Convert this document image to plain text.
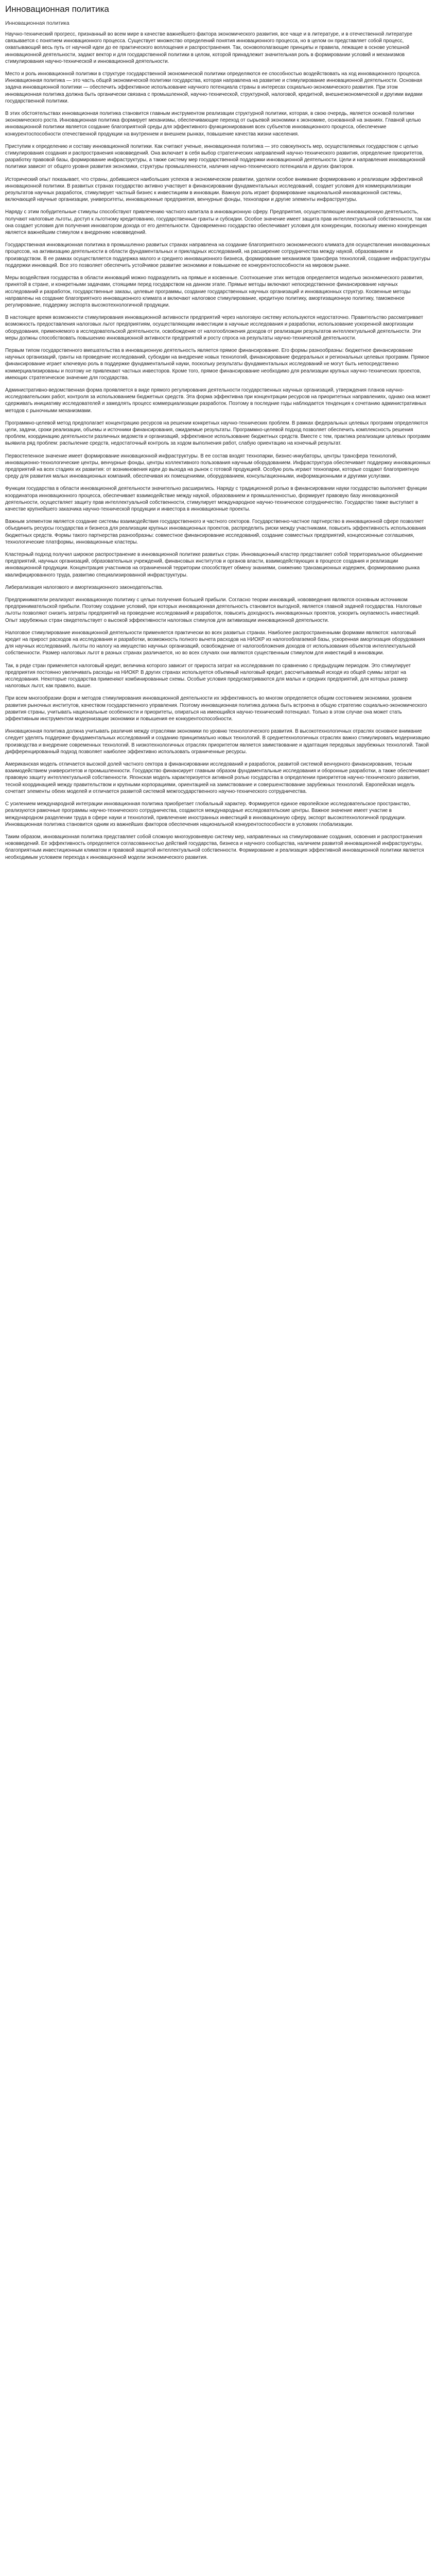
Инновационная политика
Инновационная политика

Научно-технический прогресс, признанный во всем мире в качестве важнейшего фактора экономического развития, все чаще и в литературе, и в отечественной литературе связывается с понятием инновационного процесса. Существует множество определений понятия инновационного процесса, но в целом он представляет собой процесс, охватывающий весь путь от научной идеи до ее практического воплощения и распространения. Так, основополагающие принципы и правила, лежащие в основе успешной инновационной деятельности, задают вектор и для государственной политики в целом, которой принадлежит значительная роль в формировании условий и механизмов стимулирования научно-технической и инновационной деятельности.

Место и роль инновационной политики в структуре государственной экономической политики определяются ее способностью воздействовать на ход инновационного процесса. Инновационная политика — это часть общей экономической политики государства, которая направлена на развитие и стимулирование инновационной деятельности. Основная задача инновационной политики — обеспечить эффективное использование научного потенциала страны в интересах социально-экономического развития. При этом инновационная политика должна быть органически связана с промышленной, научно-технической, структурной, налоговой, кредитной, внешнеэкономической и другими видами государственной политики.

В этих обстоятельствах инновационная политика становится главным инструментом реализации структурной политики, которая, в свою очередь, является основой политики экономического роста. Инновационная политика формирует механизмы, обеспечивающие переход от сырьевой экономики к экономике, основанной на знаниях. Главной целью инновационной политики является создание благоприятной среды для эффективного функционирования всех субъектов инновационного процесса, обеспечение конкурентоспособности отечественной продукции на внутреннем и внешнем рынках, повышение качества жизни населения.

Приступим к определению и составу инновационной политики. Как считают ученые, инновационная политика — это совокупность мер, осуществляемых государством с целью стимулирования создания и распространения нововведений. Она включает в себя выбор стратегических направлений научно-технического развития, определение приоритетов, разработку правовой базы, формирование инфраструктуры, а также систему мер государственной поддержки инновационной деятельности. Цели и направления инновационной политики зависят от общего уровня развития экономики, структуры промышленности, наличия научно-технического потенциала и других факторов.

Исторический опыт показывает, что страны, добившиеся наибольших успехов в экономическом развитии, уделяли особое внимание формированию и реализации эффективной инновационной политики. В развитых странах государство активно участвует в финансировании фундаментальных исследований, создает условия для коммерциализации результатов научных разработок, стимулирует частный бизнес к инвестициям в инновации. Важную роль играет формирование национальной инновационной системы, включающей научные организации, университеты, инновационные предприятия, венчурные фонды, технопарки и другие элементы инфраструктуры.

Наряду с этим побудительные стимулы способствуют привлечению частного капитала в инновационную сферу. Предприятия, осуществляющие инновационную деятельность, получают налоговые льготы, доступ к льготному кредитованию, государственные гранты и субсидии. Особое значение имеет защита прав интеллектуальной собственности, так как она создает условия для получения инноватором дохода от его деятельности. Одновременно государство обеспечивает условия для конкуренции, поскольку именно конкуренция является важнейшим стимулом к внедрению нововведений.

Государственная инновационная политика в промышленно развитых странах направлена на создание благоприятного экономического климата для осуществления инновационных процессов, на активизацию деятельности в области фундаментальных и прикладных исследований, на расширение сотрудничества между наукой, образованием и производством. В ее рамках осуществляется поддержка малого и среднего инновационного бизнеса, формирование механизмов трансфера технологий, создание инфраструктуры поддержки инноваций. Все это позволяет обеспечить устойчивое развитие экономики и повышение ее конкурентоспособности на мировом рынке.

Меры воздействия государства в области инноваций можно подразделить на прямые и косвенные. Соотношение этих методов определяется моделью экономического развития, принятой в стране, и конкретными задачами, стоящими перед государством на данном этапе. Прямые методы включают непосредственное финансирование научных исследований и разработок, государственные заказы, целевые программы, создание государственных научных организаций и инновационных структур. Косвенные методы направлены на создание благоприятного инновационного климата и включают налоговое стимулирование, кредитную политику, амортизационную политику, таможенное регулирование, поддержку экспорта высокотехнологичной продукции.

В настоящее время возможности стимулирования инновационной активности предприятий через налоговую систему используются недостаточно. Правительство рассматривает возможность предоставления налоговых льгот предприятиям, осуществляющим инвестиции в научные исследования и разработки, использование ускоренной амортизации оборудования, применяемого в исследовательской деятельности, освобождение от налогообложения доходов от реализации результатов интеллектуальной деятельности. Эти меры должны способствовать повышению инновационной активности предприятий и росту спроса на результаты научно-технической деятельности.

Первым типом государственного вмешательства в инновационную деятельность является прямое финансирование. Его формы разнообразны: бюджетное финансирование научных организаций, гранты на проведение исследований, субсидии на внедрение новых технологий, финансирование федеральных и региональных целевых программ. Прямое финансирование играет ключевую роль в поддержке фундаментальной науки, поскольку результаты фундаментальных исследований не могут быть непосредственно коммерциализированы и поэтому не привлекают частных инвесторов. Кроме того, прямое финансирование необходимо для реализации крупных научно-технических проектов, имеющих стратегическое значение для государства.

Административно-ведомственная форма проявляется в виде прямого регулирования деятельности государственных научных организаций, утверждения планов научно-исследовательских работ, контроля за использованием бюджетных средств. Эта форма эффективна при концентрации ресурсов на приоритетных направлениях, однако она может сдерживать инициативу исследователей и замедлять процесс коммерциализации разработок. Поэтому в последние годы наблюдается тенденция к сочетанию административных методов с рыночными механизмами.

Программно-целевой метод предполагает концентрацию ресурсов на решении конкретных научно-технических проблем. В рамках федеральных целевых программ определяются цели, задачи, сроки реализации, объемы и источники финансирования, ожидаемые результаты. Программно-целевой подход позволяет обеспечить комплексность решения проблем, координацию деятельности различных ведомств и организаций, эффективное использование бюджетных средств. Вместе с тем, практика реализации целевых программ выявила ряд проблем: распыление средств, недостаточный контроль за ходом выполнения работ, слабую ориентацию на конечный результат.

Первостепенное значение имеет формирование инновационной инфраструктуры. В ее состав входят технопарки, бизнес-инкубаторы, центры трансфера технологий, инновационно-технологические центры, венчурные фонды, центры коллективного пользования научным оборудованием. Инфраструктура обеспечивает поддержку инновационных предприятий на всех стадиях их развития: от возникновения идеи до выхода на рынок с готовой продукцией. Особую роль играют технопарки, которые создают благоприятную среду для развития малых инновационных компаний, обеспечивая их помещениями, оборудованием, консультационными, информационными и другими услугами.

Функции государства в области инновационной деятельности значительно расширились. Наряду с традиционной ролью в финансировании науки государство выполняет функции координатора инновационного процесса, обеспечивает взаимодействие между наукой, образованием и промышленностью, формирует правовую базу инновационной деятельности, осуществляет защиту прав интеллектуальной собственности, стимулирует международное научно-техническое сотрудничество. Государство также выступает в качестве крупнейшего заказчика научно-технической продукции и инвестора в инновационные проекты.

Важным элементом является создание системы взаимодействия государственного и частного секторов. Государственно-частное партнерство в инновационной сфере позволяет объединить ресурсы государства и бизнеса для реализации крупных инновационных проектов, распределить риски между участниками, повысить эффективность использования бюджетных средств. Формы такого партнерства разнообразны: совместное финансирование исследований, создание совместных предприятий, концессионные соглашения, технологические платформы, инновационные кластеры.

Кластерный подход получил широкое распространение в инновационной политике развитых стран. Инновационный кластер представляет собой территориальное объединение предприятий, научных организаций, образовательных учреждений, финансовых институтов и органов власти, взаимодействующих в процессе создания и реализации инновационной продукции. Концентрация участников на ограниченной территории способствует обмену знаниями, снижению транзакционных издержек, формированию рынка квалифицированного труда, развитию специализированной инфраструктуры.

Либерализация налогового и амортизационного законодательства.

Предприниматели реализуют инновационную политику с целью получения большей прибыли. Согласно теории инноваций, нововведения являются основным источником предпринимательской прибыли. Поэтому создание условий, при которых инновационная деятельность становится выгодной, является главной задачей государства. Налоговые льготы позволяют снизить затраты предприятий на проведение исследований и разработок, повысить доходность инновационных проектов, ускорить окупаемость инвестиций. Опыт зарубежных стран свидетельствует о высокой эффективности налоговых стимулов для активизации инновационной деятельности.

Налоговое стимулирование инновационной деятельности применяется практически во всех развитых странах. Наиболее распространенными формами являются: налоговый кредит на прирост расходов на исследования и разработки, возможность полного вычета расходов на НИОКР из налогооблагаемой базы, ускоренная амортизация оборудования для научных исследований, льготы по налогу на имущество научных организаций, освобождение от налогообложения доходов от использования объектов интеллектуальной собственности. Размер налоговых льгот в разных странах различается, но во всех случаях они являются существенным стимулом для инвестиций в инновации.

Так, в ряде стран применяется налоговый кредит, величина которого зависит от прироста затрат на исследования по сравнению с предыдущим периодом. Это стимулирует предприятия постоянно увеличивать расходы на НИОКР. В других странах используется объемный налоговый кредит, рассчитываемый исходя из общей суммы затрат на исследования. Некоторые государства применяют комбинированные схемы. Особые условия предусматриваются для малых и средних предприятий, для которых размер налоговых льгот, как правило, выше.

При всем многообразии форм и методов стимулирования инновационной деятельности их эффективность во многом определяется общим состоянием экономики, уровнем развития рыночных институтов, качеством государственного управления. Поэтому инновационная политика должна быть встроена в общую стратегию социально-экономического развития страны, учитывать национальные особенности и приоритеты, опираться на имеющийся научно-технический потенциал. Только в этом случае она может стать эффективным инструментом модернизации экономики и повышения ее конкурентоспособности.

Инновационная политика должна учитывать различия между отраслями экономики по уровню технологического развития. В высокотехнологичных отраслях основное внимание следует уделять поддержке фундаментальных исследований и созданию принципиально новых технологий. В среднетехнологичных отраслях важно стимулировать модернизацию производства и внедрение современных технологий. В низкотехнологичных отраслях приоритетом является заимствование и адаптация передовых зарубежных технологий. Такой дифференцированный подход позволяет наиболее эффективно использовать ограниченные ресурсы.

Американская модель отличается высокой долей частного сектора в финансировании исследований и разработок, развитой системой венчурного финансирования, тесным взаимодействием университетов и промышленности. Государство финансирует главным образом фундаментальные исследования и оборонные разработки, а также обеспечивает правовую защиту интеллектуальной собственности. Японская модель характеризуется активной ролью государства в определении приоритетов научно-технического развития, тесной координацией между правительством и крупными корпорациями, ориентацией на заимствование и совершенствование зарубежных технологий. Европейская модель сочетает элементы обеих моделей и отличается развитой системой межгосударственного научно-технического сотрудничества.

С усилением международной интеграции инновационная политика приобретает глобальный характер. Формируется единое европейское исследовательское пространство, реализуются рамочные программы научно-технического сотрудничества, создаются международные исследовательские центры. Важное значение имеет участие в международном разделении труда в сфере науки и технологий, привлечение иностранных инвестиций в инновационную сферу, экспорт высокотехнологичной продукции. Инновационная политика становится одним из важнейших факторов обеспечения национальной конкурентоспособности в условиях глобализации.

Таким образом, инновационная политика представляет собой сложную многоуровневую систему мер, направленных на стимулирование создания, освоения и распространения нововведений. Ее эффективность определяется согласованностью действий государства, бизнеса и научного сообщества, наличием развитой инновационной инфраструктуры, благоприятным инвестиционным климатом и правовой защитой интеллектуальной собственности. Формирование и реализация эффективной инновационной политики является необходимым условием перехода к инновационной модели экономического развития.
